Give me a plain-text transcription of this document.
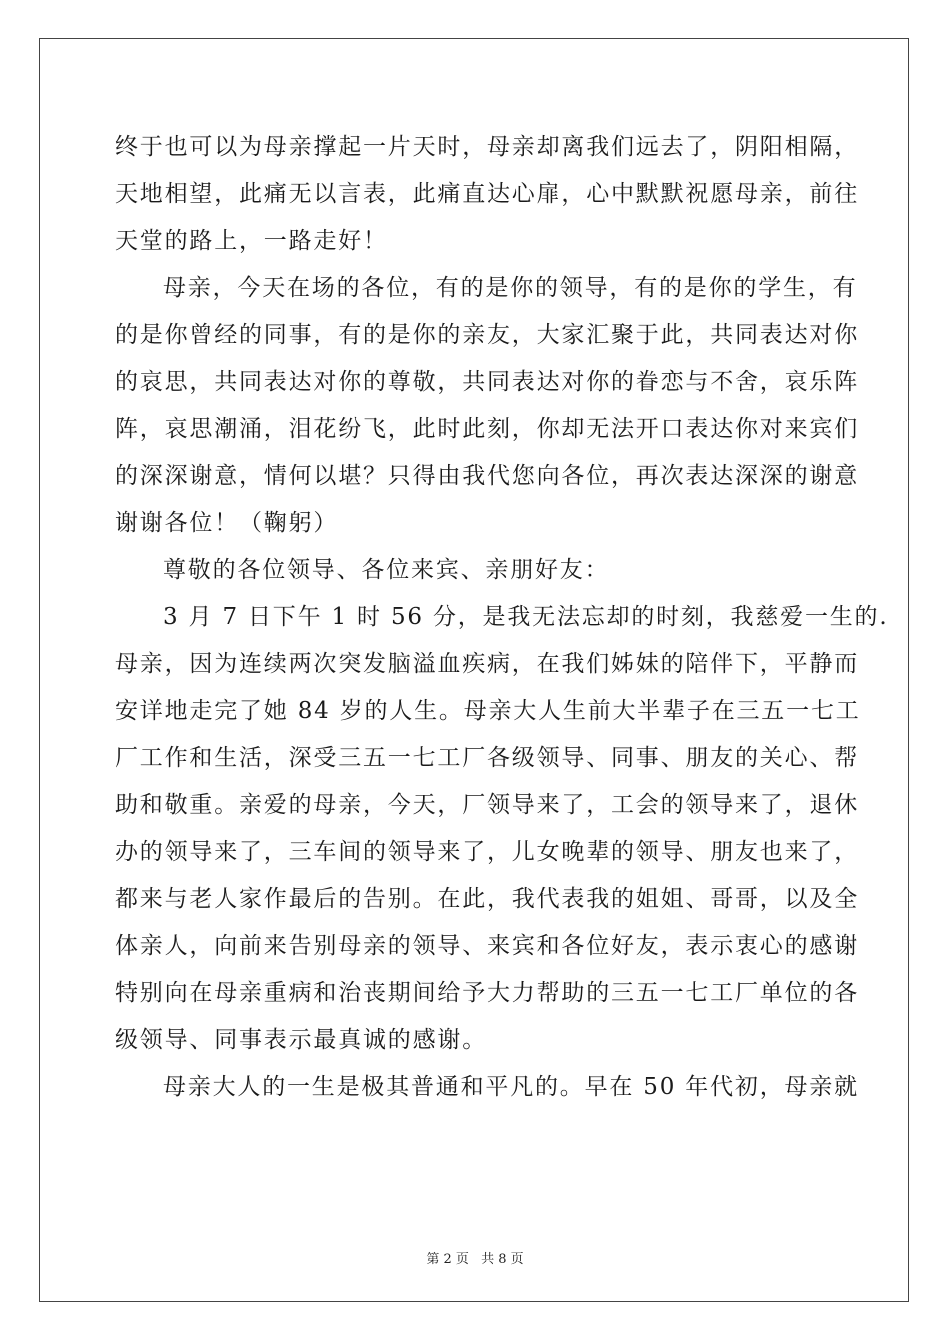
终于也可以为母亲撑起一片天时，母亲却离我们远去了，阴阳相隔，
天地相望，此痛无以言表，此痛直达心扉，心中默默祝愿母亲，前往
天堂的路上，一路走好！
母亲，今天在场的各位，有的是你的领导，有的是你的学生，有
的是你曾经的同事，有的是你的亲友，大家汇聚于此，共同表达对你
的哀思，共同表达对你的尊敬，共同表达对你的眷恋与不舍，哀乐阵
阵，哀思潮涌，泪花纷飞，此时此刻，你却无法开口表达你对来宾们
的深深谢意，情何以堪？只得由我代您向各位，再次表达深深的谢意
谢谢各位！（鞠躬）
尊敬的各位领导、各位来宾、亲朋好友：
3 月 7 日下午 1 时 56 分，是我无法忘却的时刻，我慈爱一生的.
母亲，因为连续两次突发脑溢血疾病，在我们姊妹的陪伴下，平静而
安详地走完了她 84 岁的人生。母亲大人生前大半辈子在三五一七工
厂工作和生活，深受三五一七工厂各级领导、同事、朋友的关心、帮
助和敬重。亲爱的母亲，今天，厂领导来了，工会的领导来了，退休
办的领导来了，三车间的领导来了，儿女晚辈的领导、朋友也来了，
都来与老人家作最后的告别。在此，我代表我的姐姐、哥哥，以及全
体亲人，向前来告别母亲的领导、来宾和各位好友，表示衷心的感谢
特别向在母亲重病和治丧期间给予大力帮助的三五一七工厂单位的各
级领导、同事表示最真诚的感谢。
母亲大人的一生是极其普通和平凡的。早在 50 年代初，母亲就
第 2 页 共 8 页
